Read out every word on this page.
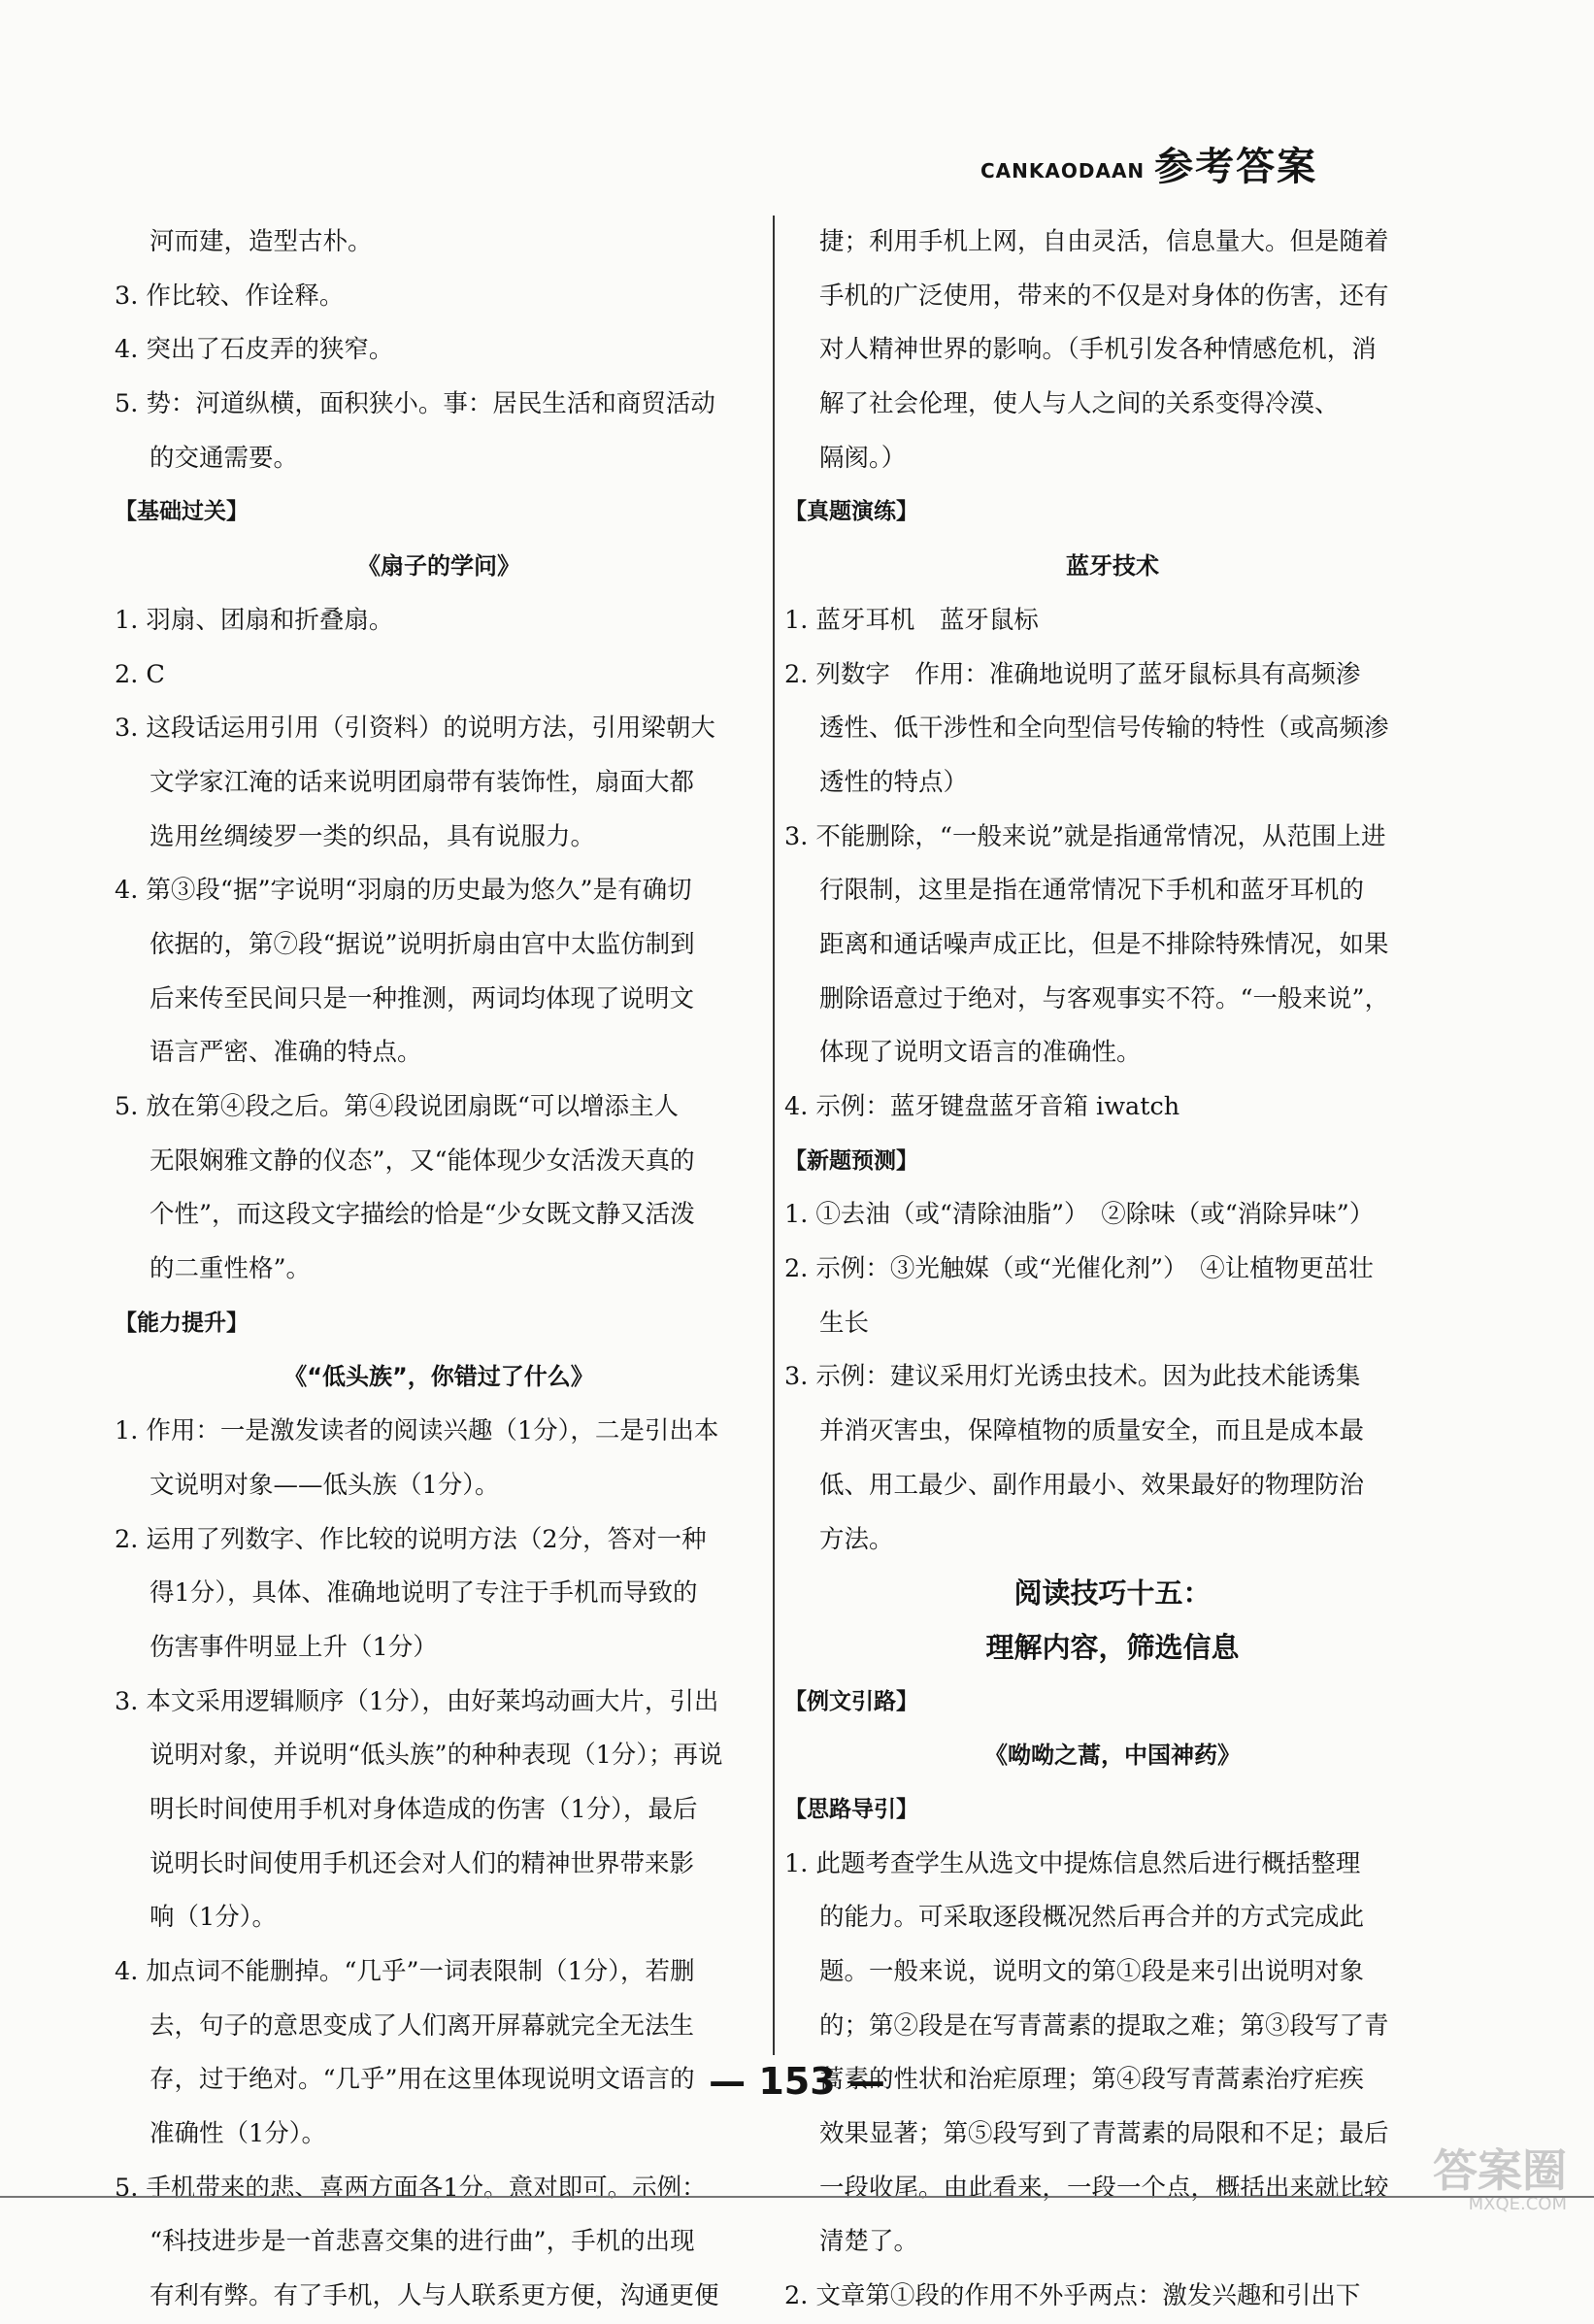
CANKAODAAN 参考答案
河而建，造型古朴。
3. 作比较、作诠释。
4. 突出了石皮弄的狭窄。
5. 势：河道纵横，面积狭小。事：居民生活和商贸活动
的交通需要。
【基础过关】
《扇子的学问》
1. 羽扇、团扇和折叠扇。
2. C
3. 这段话运用引用（引资料）的说明方法，引用梁朝大
文学家江淹的话来说明团扇带有装饰性，扇面大都
选用丝绸绫罗一类的织品，具有说服力。
4. 第③段“据”字说明“羽扇的历史最为悠久”是有确切
依据的，第⑦段“据说”说明折扇由宫中太监仿制到
后来传至民间只是一种推测，两词均体现了说明文
语言严密、准确的特点。
5. 放在第④段之后。第④段说团扇既“可以增添主人
无限娴雅文静的仪态”，又“能体现少女活泼天真的
个性”，而这段文字描绘的恰是“少女既文静又活泼
的二重性格”。
【能力提升】
《“低头族”，你错过了什么》
1. 作用：一是激发读者的阅读兴趣（1分），二是引出本
文说明对象——低头族（1分）。
2. 运用了列数字、作比较的说明方法（2分，答对一种
得1分），具体、准确地说明了专注于手机而导致的
伤害事件明显上升（1分）
3. 本文采用逻辑顺序（1分），由好莱坞动画大片，引出
说明对象，并说明“低头族”的种种表现（1分）；再说
明长时间使用手机对身体造成的伤害（1分），最后
说明长时间使用手机还会对人们的精神世界带来影
响（1分）。
4. 加点词不能删掉。“几乎”一词表限制（1分），若删
去，句子的意思变成了人们离开屏幕就完全无法生
存，过于绝对。“几乎”用在这里体现说明文语言的
准确性（1分）。
5. 手机带来的悲、喜两方面各1分。意对即可。示例：
“科技进步是一首悲喜交集的进行曲”，手机的出现
有利有弊。有了手机，人与人联系更方便，沟通更便
捷；利用手机上网，自由灵活，信息量大。但是随着
手机的广泛使用，带来的不仅是对身体的伤害，还有
对人精神世界的影响。（手机引发各种情感危机，消
解了社会伦理，使人与人之间的关系变得冷漠、
隔阂。）
【真题演练】
蓝牙技术
1. 蓝牙耳机　蓝牙鼠标
2. 列数字　作用：准确地说明了蓝牙鼠标具有高频渗
透性、低干涉性和全向型信号传输的特性（或高频渗
透性的特点）
3. 不能删除，“一般来说”就是指通常情况，从范围上进
行限制，这里是指在通常情况下手机和蓝牙耳机的
距离和通话噪声成正比，但是不排除特殊情况，如果
删除语意过于绝对，与客观事实不符。“一般来说”，
体现了说明文语言的准确性。
4. 示例：蓝牙键盘蓝牙音箱 iwatch
【新题预测】
1. ①去油（或“清除油脂”）　②除味（或“消除异味”）
2. 示例：③光触媒（或“光催化剂”）　④让植物更茁壮
生长
3. 示例：建议采用灯光诱虫技术。因为此技术能诱集
并消灭害虫，保障植物的质量安全，而且是成本最
低、用工最少、副作用最小、效果最好的物理防治
方法。
阅读技巧十五：
理解内容，筛选信息
【例文引路】
《呦呦之蒿，中国神药》
【思路导引】
1. 此题考查学生从选文中提炼信息然后进行概括整理
的能力。可采取逐段概况然后再合并的方式完成此
题。一般来说，说明文的第①段是来引出说明对象
的；第②段是在写青蒿素的提取之难；第③段写了青
蒿素的性状和治疟原理；第④段写青蒿素治疗疟疾
效果显著；第⑤段写到了青蒿素的局限和不足；最后
一段收尾。由此看来，一段一个点，概括出来就比较
清楚了。
2. 文章第①段的作用不外乎两点：激发兴趣和引出下
— 153 —
答案圈
MXQE.COM
